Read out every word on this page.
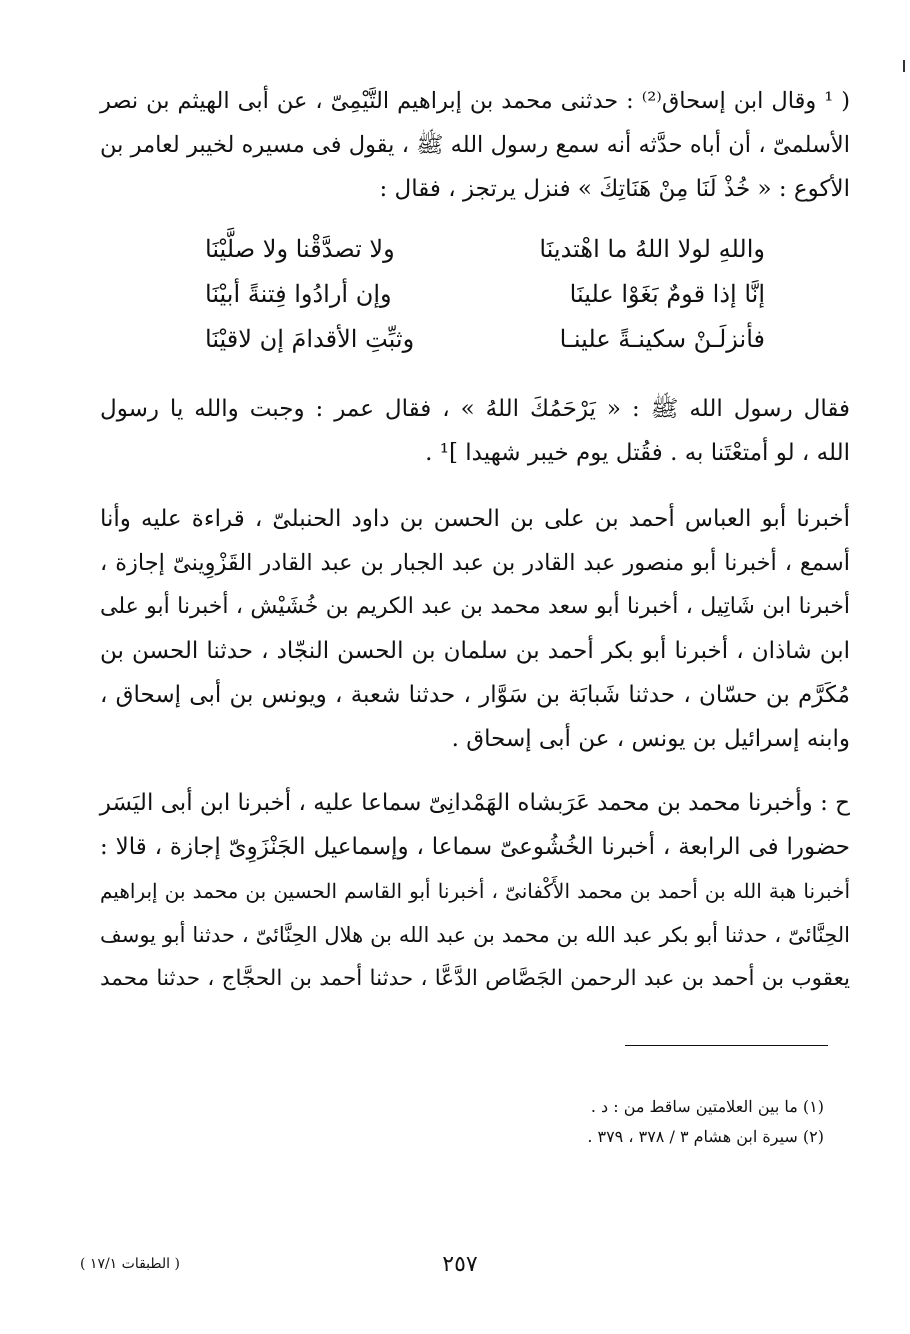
( ¹ وقال ابن إسحاق⁽²⁾ : حدثنى محمد بن إبراهيم التَّيْمِىّ ، عن أبى الهيثم بن نصر
الأسلمىّ ، أن أباه حدَّثه أنه سمع رسول الله ﷺ ، يقول فى مسيره لخيبر لعامر بن
الأكوع : « خُذْ لَنَا مِنْ هَنَاتِكَ » فنزل يرتجز ، فقال :
واللهِ لولا اللهُ ما اهْتدينَا
ولا تصدَّقْنا ولا صلَّيْنَا
إنَّا إذا قومٌ بَغَوْا علينَا
وإن أرادُوا فِتنةً أبيْنَا
فأنزلَـنْ سكينـةً علينـا
وثبِّتِ الأقدامَ إن لاقيْنَا
فقال رسول الله ﷺ : « يَرْحَمُكَ اللهُ » ، فقال عمر : وجبت والله يا رسول
الله ، لو أمتعْتَنا به . فقُتل يوم خيبر شهيدا ]¹ .
أخبرنا أبو العباس أحمد بن على بن الحسن بن داود الحنبلىّ ، قراءة عليه وأنا
أسمع ، أخبرنا أبو منصور عبد القادر بن عبد الجبار بن عبد القادر القَزْوِينىّ إجازة ،
أخبرنا ابن شَاتِيل ، أخبرنا أبو سعد محمد بن عبد الكريم بن خُشَيْش ، أخبرنا أبو على
ابن شاذان ، أخبرنا أبو بكر أحمد بن سلمان بن الحسن النجّاد ، حدثنا الحسن بن
مُكَرَّم بن حسّان ، حدثنا شَبابَة بن سَوَّار ، حدثنا شعبة ، ويونس بن أبى إسحاق ،
وابنه إسرائيل بن يونس ، عن أبى إسحاق .
ح : وأخبرنا محمد بن محمد عَرَبشاه الهَمْدانِىّ سماعا عليه ، أخبرنا ابن أبى اليَسَر
حضورا فى الرابعة ، أخبرنا الخُشُوعىّ سماعا ، وإسماعيل الجَنْزَوِىّ إجازة ، قالا :
أخبرنا هبة الله بن أحمد بن محمد الأَكْفانىّ ، أخبرنا أبو القاسم الحسين بن محمد بن إبراهيم
الحِنَّائىّ ، حدثنا أبو بكر عبد الله بن محمد بن عبد الله بن هلال الحِنَّائىّ ، حدثنا أبو يوسف
يعقوب بن أحمد بن عبد الرحمن الجَصَّاص الدَّعَّا ، حدثنا أحمد بن الحجَّاج ، حدثنا محمد
(١) ما بين العلامتين ساقط من : د .
(٢) سيرة ابن هشام ٣ / ٣٧٨ ، ٣٧٩ .
٢٥٧
( الطبقات ١٧/١ )
